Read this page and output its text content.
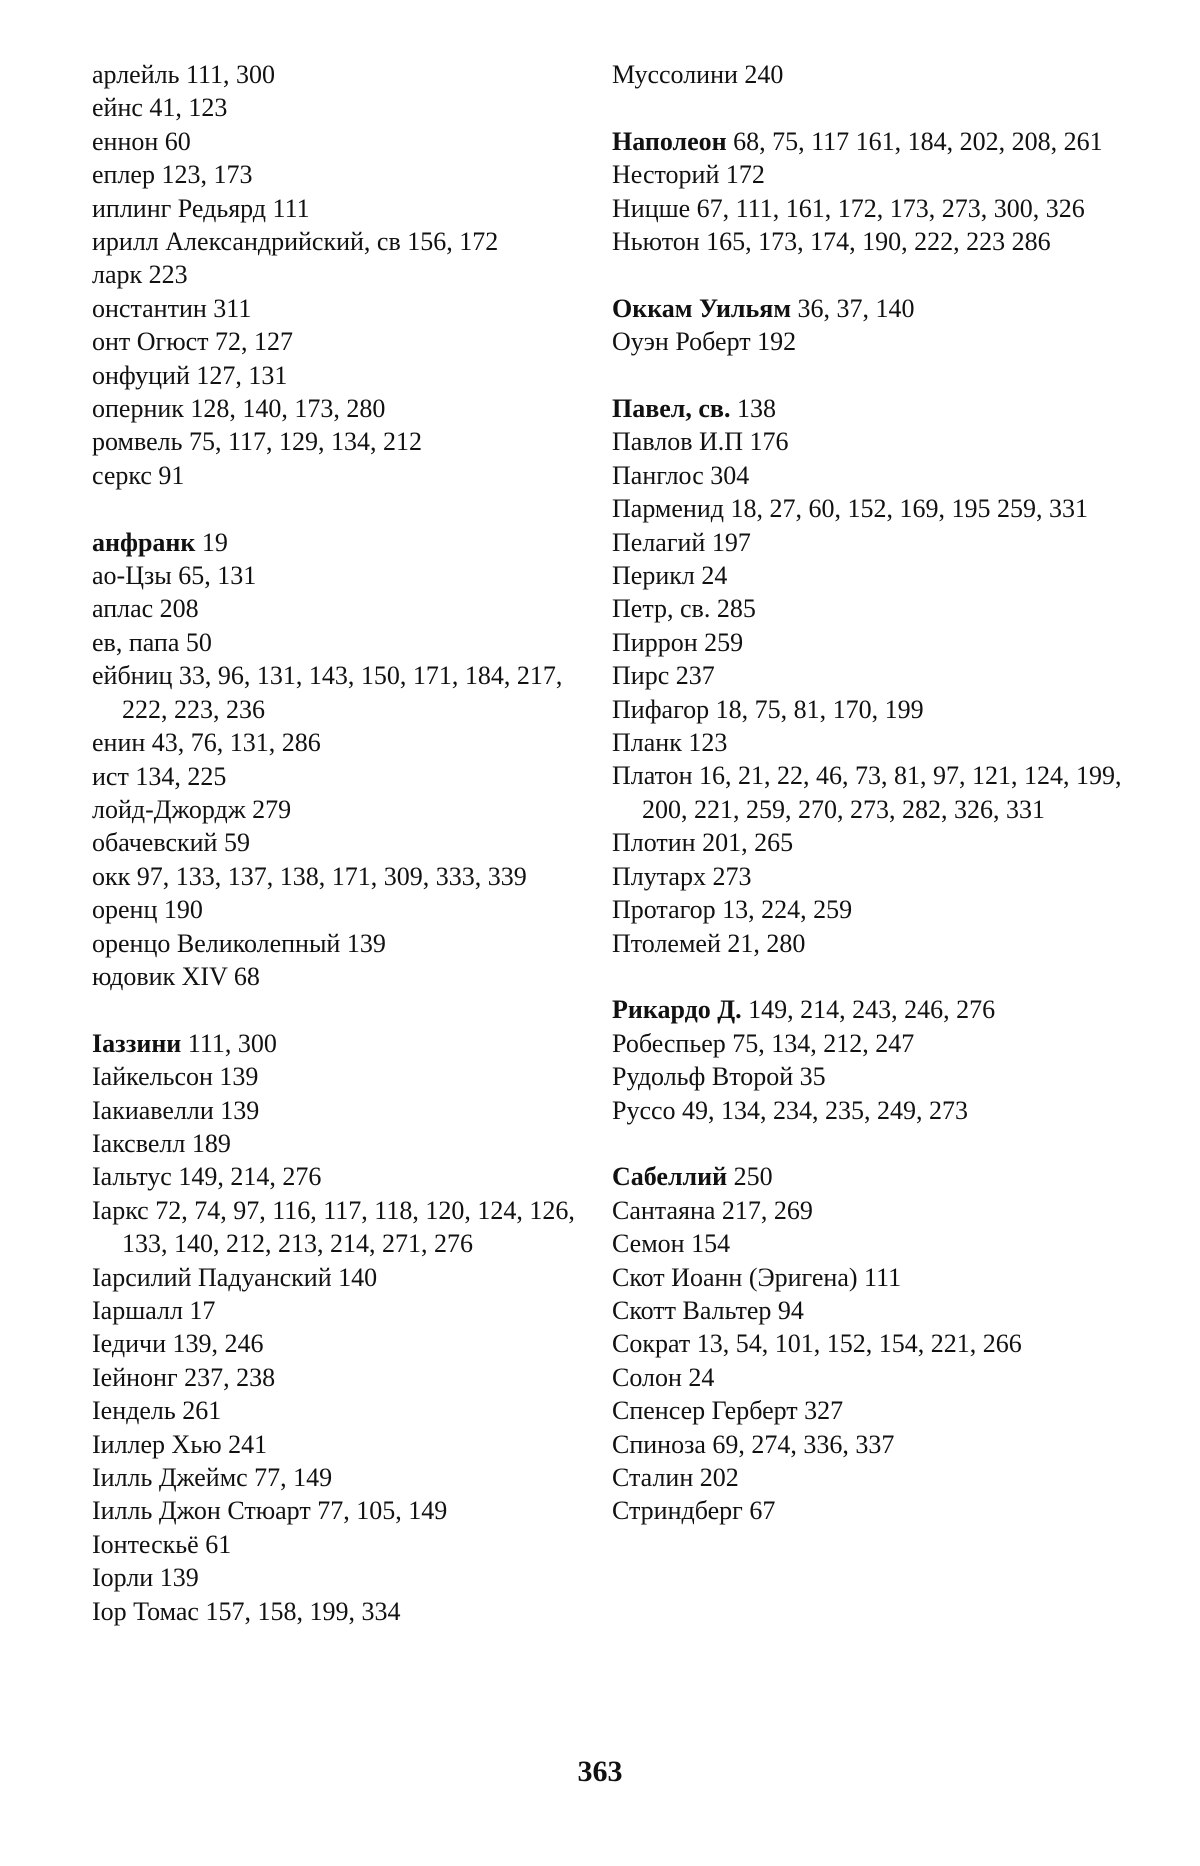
арлейль 111, 300
ейнс 41, 123
еннон 60
еплер 123, 173
иплинг Редьярд 111
ирилл Александрийский, св 156, 172
ларк 223
онстантин 311
онт Огюст 72, 127
онфуций 127, 131
оперник 128, 140, 173, 280
ромвель 75, 117, 129, 134, 212
серкс 91
анфранк 19
ао-Цзы 65, 131
аплас 208
ев, папа 50
ейбниц 33, 96, 131, 143, 150, 171, 184, 217, 222, 223, 236
енин 43, 76, 131, 286
ист 134, 225
лойд-Джордж 279
обачевский 59
окк 97, 133, 137, 138, 171, 309, 333, 339
оренц 190
оренцо Великолепный 139
юдовик XIV 68
Іаззини 111, 300
Іайкельсон 139
Іакиавелли 139
Іаксвелл 189
Іальтус 149, 214, 276
Іаркс 72, 74, 97, 116, 117, 118, 120, 124, 126, 133, 140, 212, 213, 214, 271, 276
Іарсилий Падуанский 140
Іаршалл 17
Іедичи 139, 246
Іейнонг 237, 238
Іендель 261
Іиллер Хью 241
Іилль Джеймс 77, 149
Іилль Джон Стюарт 77, 105, 149
Іонтескьё 61
Іорли 139
Іор Томас 157, 158, 199, 334
Муссолини 240
Наполеон 68, 75, 117 161, 184, 202, 208, 261
Несторий 172
Ницше 67, 111, 161, 172, 173, 273, 300, 326
Ньютон 165, 173, 174, 190, 222, 223 286
Оккам Уильям 36, 37, 140
Оуэн Роберт 192
Павел, св. 138
Павлов И.П 176
Панглос 304
Парменид 18, 27, 60, 152, 169, 195 259, 331
Пелагий 197
Перикл 24
Петр, св. 285
Пиррон 259
Пирс 237
Пифагор 18, 75, 81, 170, 199
Планк 123
Платон 16, 21, 22, 46, 73, 81, 97, 121, 124, 199, 200, 221, 259, 270, 273, 282, 326, 331
Плотин 201, 265
Плутарх 273
Протагор 13, 224, 259
Птолемей 21, 280
Рикардо Д. 149, 214, 243, 246, 276
Робеспьер 75, 134, 212, 247
Рудольф Второй 35
Руссо 49, 134, 234, 235, 249, 273
Сабеллий 250
Сантаяна 217, 269
Семон 154
Скот Иоанн (Эригена) 111
Скотт Вальтер 94
Сократ 13, 54, 101, 152, 154, 221, 266
Солон 24
Спенсер Герберт 327
Спиноза 69, 274, 336, 337
Сталин 202
Стриндберг 67
363
